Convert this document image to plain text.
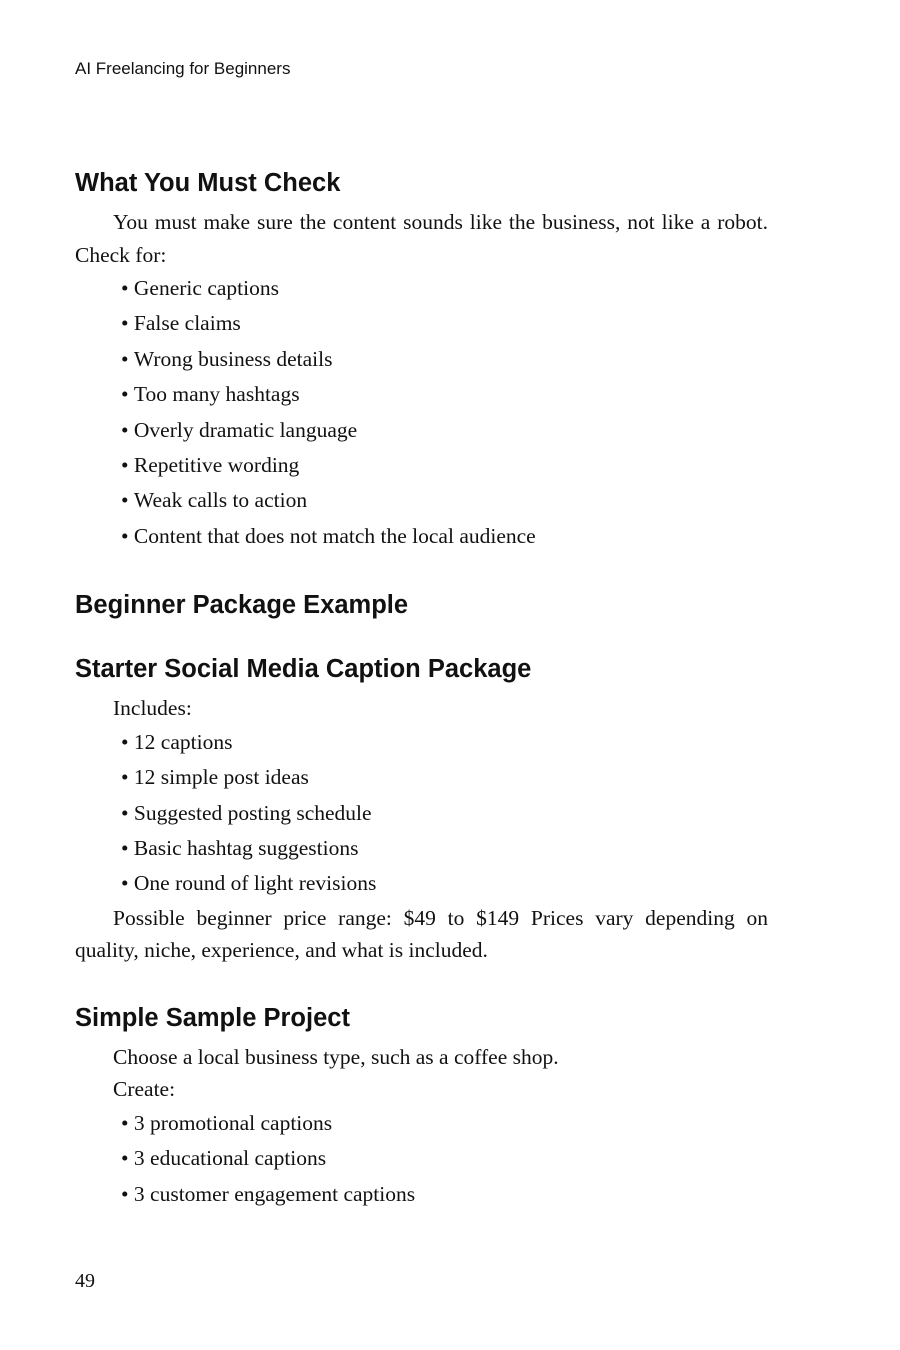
AI Freelancing for Beginners
What You Must Check

You must make sure the content sounds like the business, not like a robot. Check for:

• Generic captions
• False claims
• Wrong business details
• Too many hashtags
• Overly dramatic language
• Repetitive wording
• Weak calls to action
• Content that does not match the local audience
Beginner Package Example
Starter Social Media Caption Package

Includes:

• 12 captions
• 12 simple post ideas
• Suggested posting schedule
• Basic hashtag suggestions
• One round of light revisions

Possible beginner price range: $49 to $149 Prices vary depending on quality, niche, experience, and what is included.

Simple Sample Project

Choose a local business type, such as a coffee shop.

Create:

• 3 promotional captions
• 3 educational captions
• 3 customer engagement captions
49
